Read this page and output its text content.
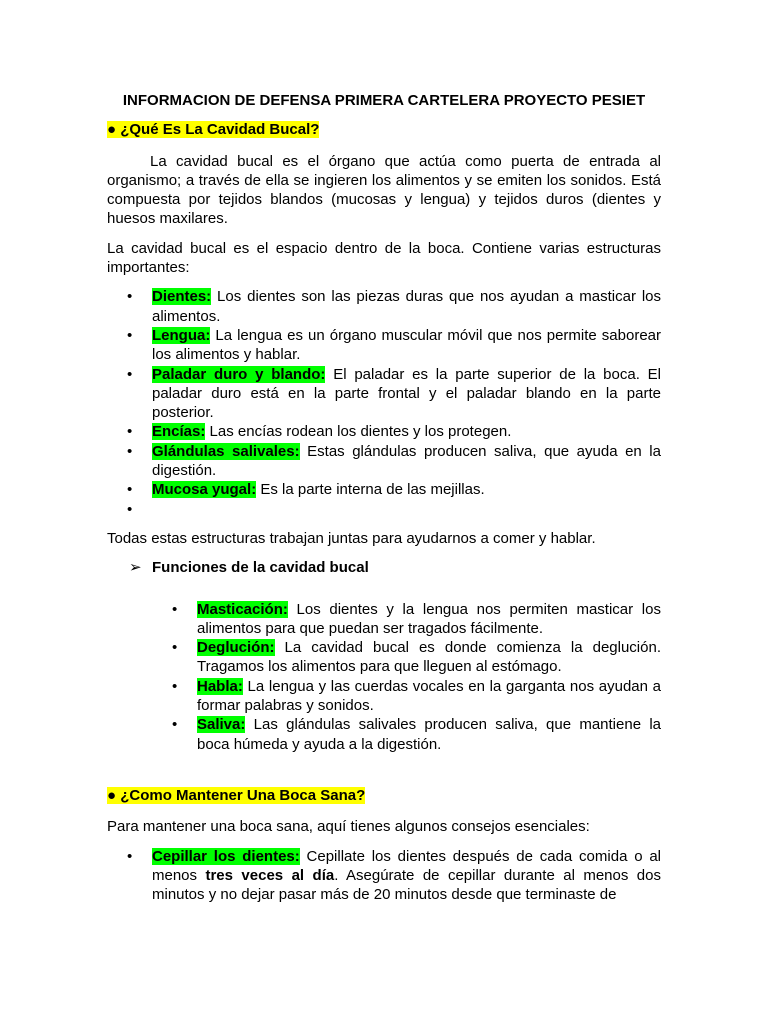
INFORMACION DE DEFENSA PRIMERA CARTELERA PROYECTO PESIET
● ¿Qué Es La Cavidad Bucal?

La cavidad bucal es el órgano que actúa como puerta de entrada al organismo; a través de ella se ingieren los alimentos y se emiten los sonidos. Está compuesta por tejidos blandos (mucosas y lengua) y tejidos duros (dientes y huesos maxilares.

La cavidad bucal es el espacio dentro de la boca. Contiene varias estructuras importantes:

• Dientes: Los dientes son las piezas duras que nos ayudan a masticar los alimentos.
• Lengua: La lengua es un órgano muscular móvil que nos permite saborear los alimentos y hablar.
• Paladar duro y blando: El paladar es la parte superior de la boca. El paladar duro está en la parte frontal y el paladar blando en la parte posterior.
• Encías: Las encías rodean los dientes y los protegen.
• Glándulas salivales: Estas glándulas producen saliva, que ayuda en la digestión.
• Mucosa yugal: Es la parte interna de las mejillas.
•

Todas estas estructuras trabajan juntas para ayudarnos a comer y hablar.

➢ Funciones de la cavidad bucal
• Masticación: Los dientes y la lengua nos permiten masticar los alimentos para que puedan ser tragados fácilmente.
• Deglución: La cavidad bucal es donde comienza la deglución. Tragamos los alimentos para que lleguen al estómago.
• Habla: La lengua y las cuerdas vocales en la garganta nos ayudan a formar palabras y sonidos.
• Saliva: Las glándulas salivales producen saliva, que mantiene la boca húmeda y ayuda a la digestión.
● ¿Como Mantener Una Boca Sana?

Para mantener una boca sana, aquí tienes algunos consejos esenciales:

• Cepillar los dientes: Cepillate los dientes después de cada comida o al menos tres veces al día. Asegúrate de cepillar durante al menos dos minutos y no dejar pasar más de 20 minutos desde que terminaste de
